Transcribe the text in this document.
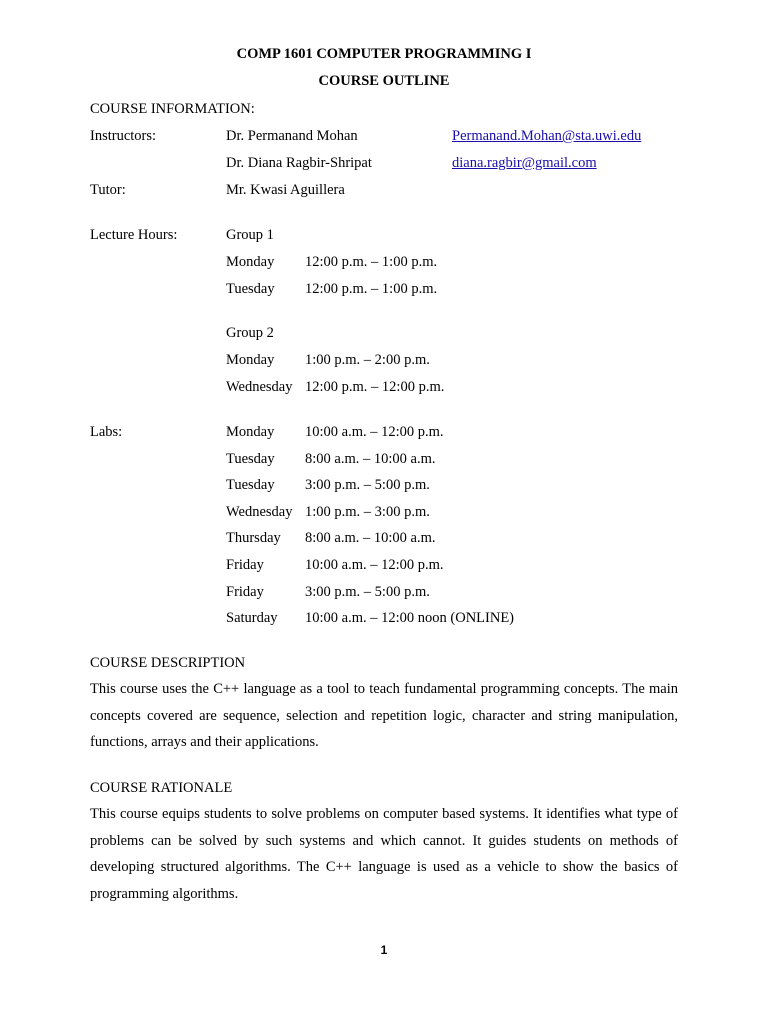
COMP 1601 COMPUTER PROGRAMMING I
COURSE OUTLINE
COURSE INFORMATION:
Instructors:	Dr. Permanand Mohan	Permanand.Mohan@sta.uwi.edu
Dr. Diana Ragbir-Shripat	diana.ragbir@gmail.com
Tutor:	Mr. Kwasi Aguillera
Lecture Hours:	Group 1
Monday 12:00 p.m. – 1:00 p.m.
Tuesday 12:00 p.m. – 1:00 p.m.
Group 2
Monday 1:00 p.m. – 2:00 p.m.
Wednesday 12:00 p.m. – 12:00 p.m.
Labs:	Monday 10:00 a.m. – 12:00 p.m.
Tuesday 8:00 a.m. – 10:00 a.m.
Tuesday 3:00 p.m. – 5:00 p.m.
Wednesday 1:00 p.m. – 3:00 p.m.
Thursday 8:00 a.m. – 10:00 a.m.
Friday	10:00 a.m. – 12:00 p.m.
Friday	3:00 p.m. – 5:00 p.m.
Saturday 10:00 a.m. – 12:00 noon (ONLINE)
COURSE DESCRIPTION
This course uses the C++ language as a tool to teach fundamental programming concepts. The main concepts covered are sequence, selection and repetition logic, character and string manipulation, functions, arrays and their applications.
COURSE RATIONALE
This course equips students to solve problems on computer based systems. It identifies what type of problems can be solved by such systems and which cannot. It guides students on methods of developing structured algorithms. The C++ language is used as a vehicle to show the basics of programming algorithms.
1
